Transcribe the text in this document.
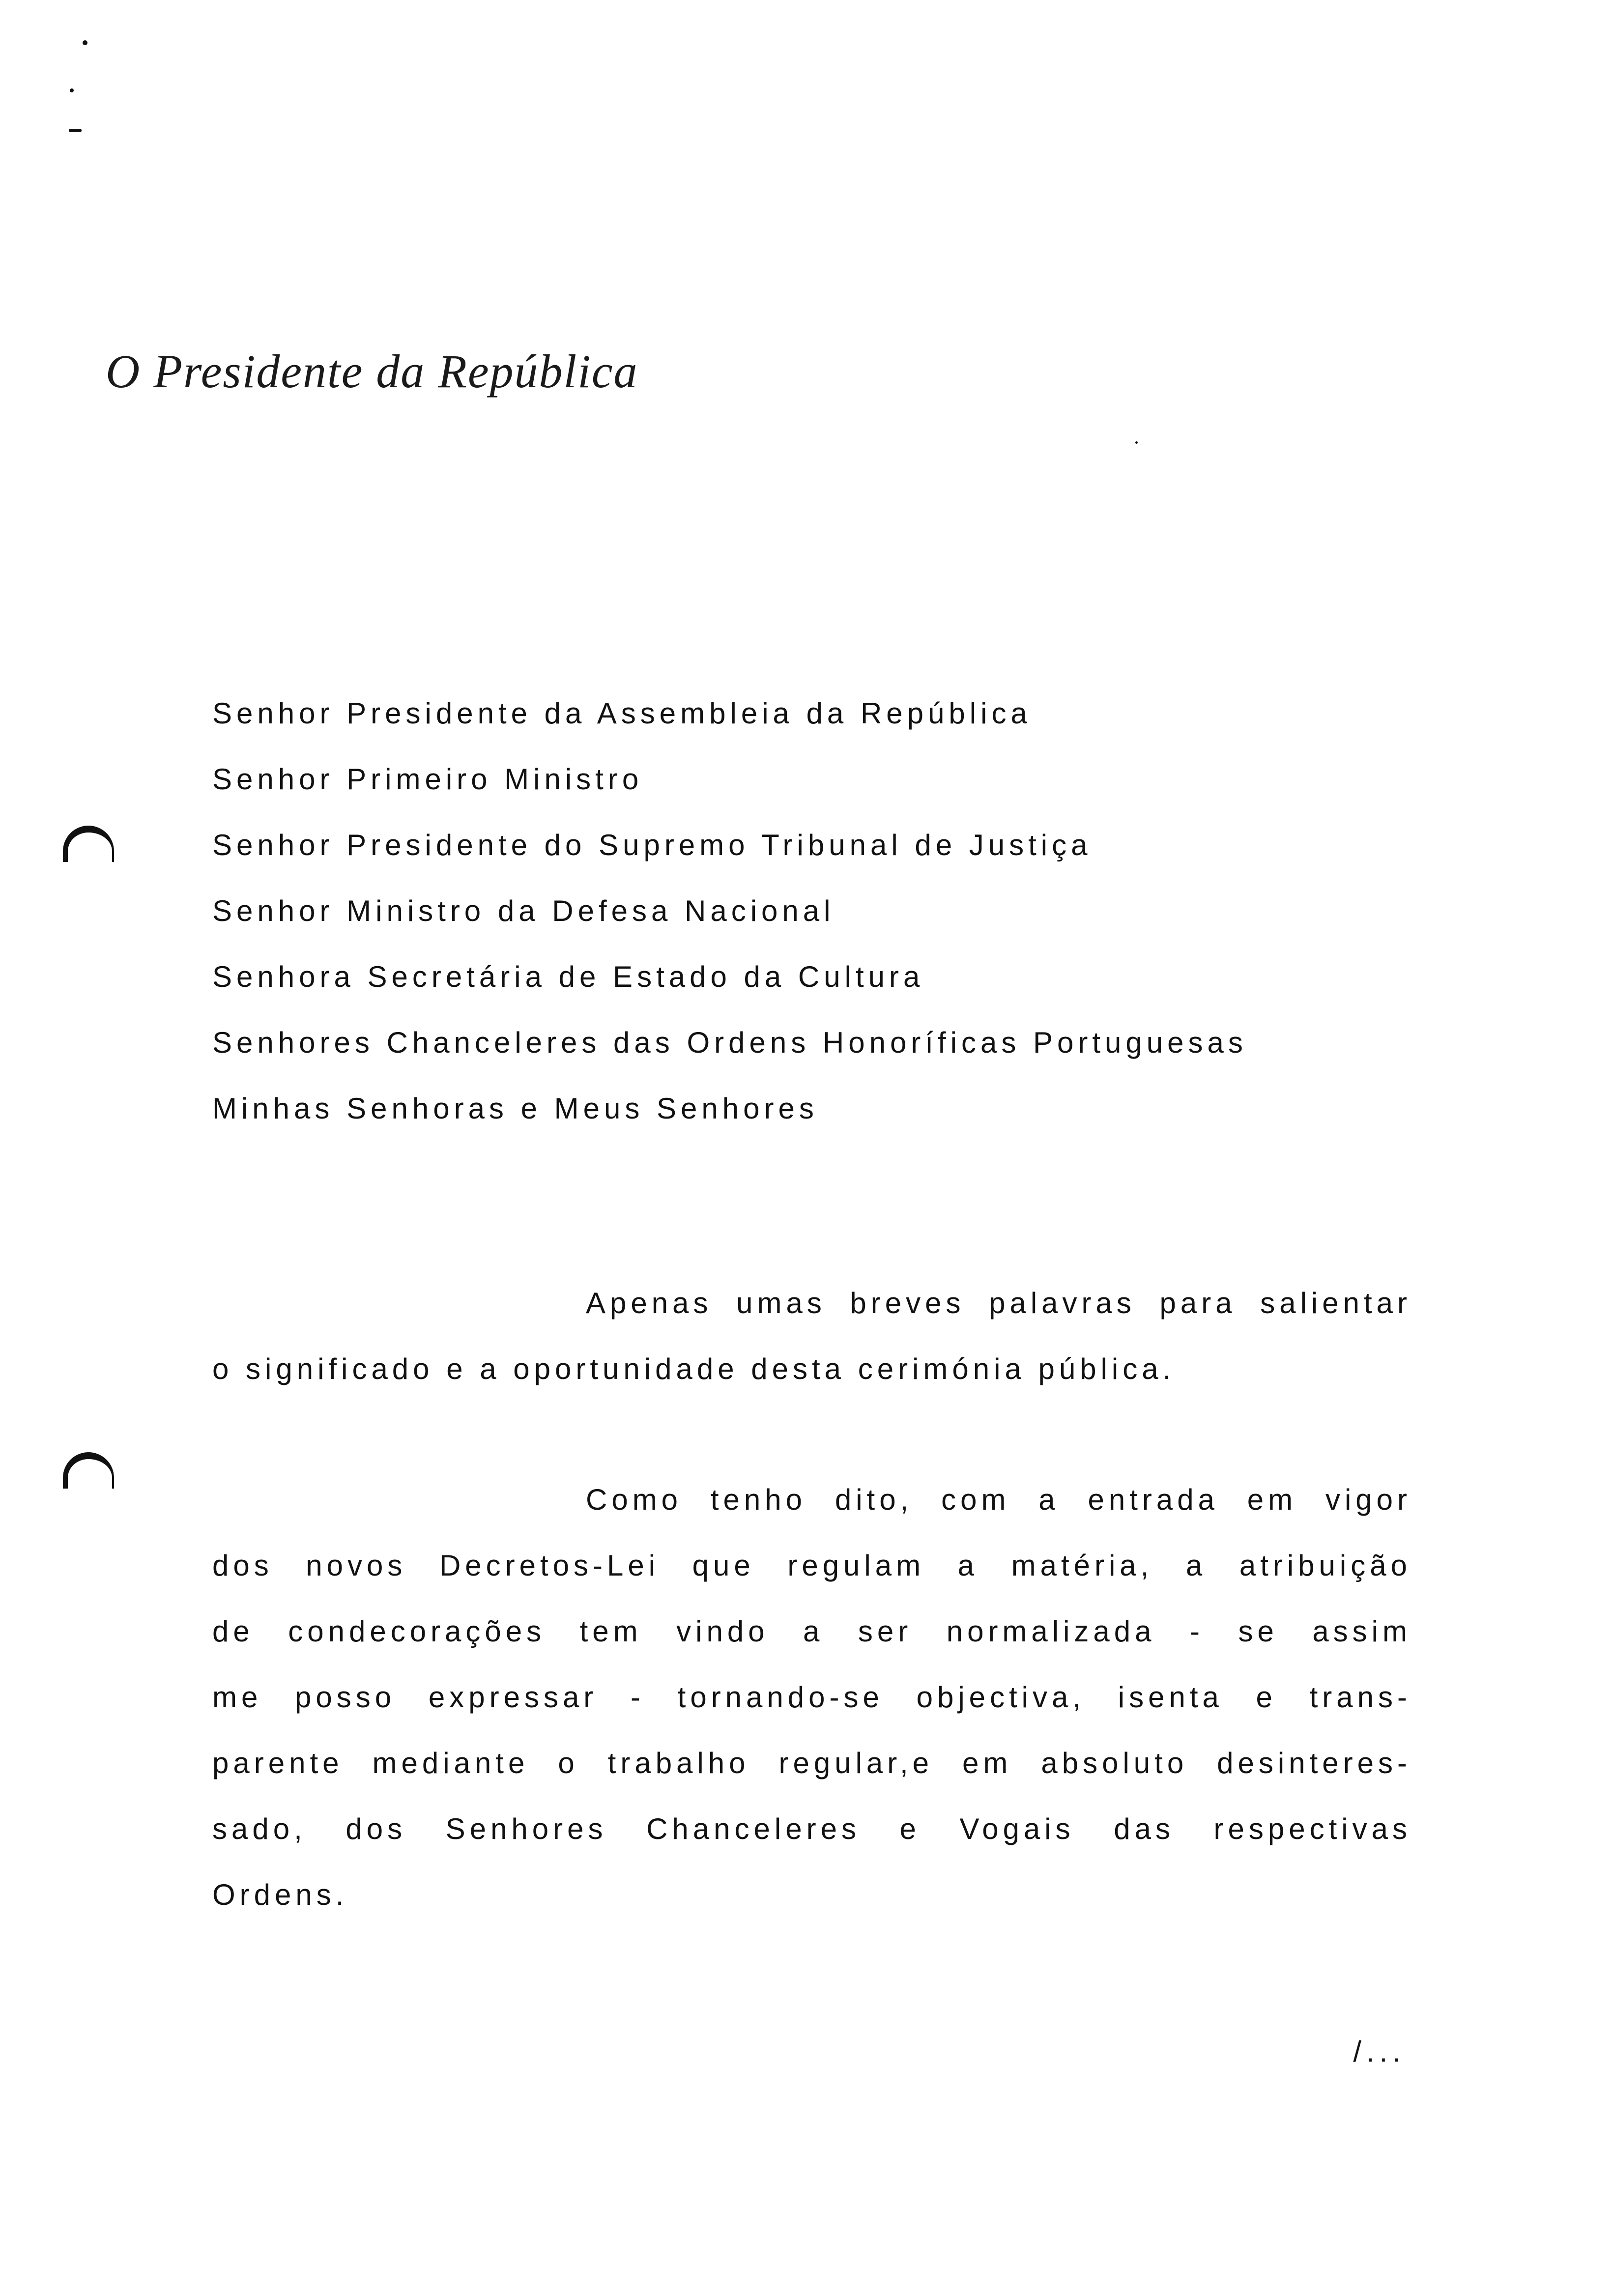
O Presidente da República
Senhor Presidente da Assembleia da República
Senhor Primeiro Ministro
Senhor Presidente do Supremo Tribunal de Justiça
Senhor Ministro da Defesa Nacional
Senhora Secretária de Estado da Cultura
Senhores Chanceleres das Ordens Honoríficas Portuguesas
Minhas Senhoras e Meus Senhores
Apenas umas breves palavras para salientar
o significado e a oportunidade desta cerimónia pública.
Como tenho dito, com a entrada em vigor
dos novos Decretos-Lei que regulam a matéria, a atribuição
de condecorações tem vindo a ser normalizada - se assim
me posso expressar - tornando-se objectiva, isenta e trans-
parente mediante o trabalho regular,e em absoluto desinteres-
sado, dos Senhores Chanceleres e Vogais das respectivas
Ordens.
/...
